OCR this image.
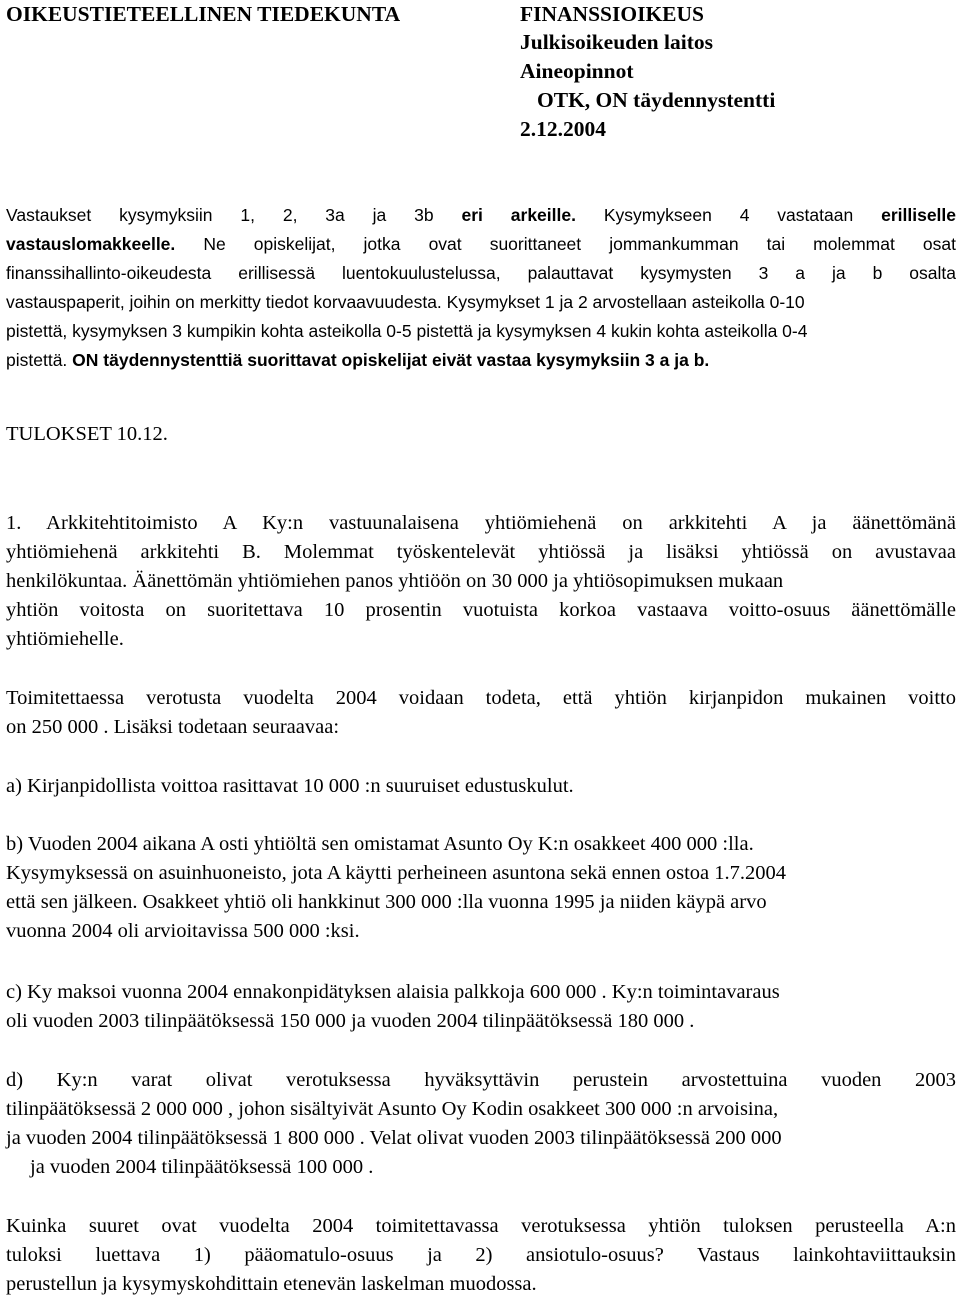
OIKEUSTIETEELLINEN TIEDEKUNTA	FINANSSIOIKEUS
Julkisoikeuden laitos
Aineopinnot
OTK, ON täydennystentti
2.12.2004
Vastaukset kysymyksiin 1, 2, 3a ja 3b eri arkeille. Kysymykseen 4 vastataan erilliselle
vastauslomakkeelle. Ne opiskelijat, jotka ovat suorittaneet jommankumman tai molemmat osat
finanssihallinto-oikeudesta erillisessä luentokuulustelussa, palauttavat kysymysten 3 a ja b osalta
vastauspaperit, joihin on merkitty tiedot korvaavuudesta. Kysymykset 1 ja 2 arvostellaan asteikolla 0-10
pistettä, kysymyksen 3 kumpikin kohta asteikolla 0-5 pistettä ja kysymyksen 4 kukin kohta asteikolla 0-4
pistettä. ON täydennystenttiä suorittavat opiskelijat eivät vastaa kysymyksiin 3 a ja b.
TULOKSET 10.12.
1. Arkkitehtitoimisto A Ky:n vastuunalaisena yhtiömiehenä on arkkitehti A ja äänettömänä
yhtiömiehenä arkkitehti B. Molemmat työskentelevät yhtiössä ja lisäksi yhtiössä on avustavaa
henkilökuntaa. Äänettömän yhtiömiehen panos yhtiöön on 30 000 ja yhtiösopimuksen mukaan
yhtiön voitosta on suoritettava 10 prosentin vuotuista korkoa vastaava voitto-osuus äänettömälle
yhtiömiehelle.
Toimitettaessa verotusta vuodelta 2004 voidaan todeta, että yhtiön kirjanpidon mukainen voitto
on 250 000 . Lisäksi todetaan seuraavaa:
a) Kirjanpidollista voittoa rasittavat 10 000 :n suuruiset edustuskulut.
b) Vuoden 2004 aikana A osti yhtiöltä sen omistamat Asunto Oy K:n osakkeet 400 000 :lla.
Kysymyksessä on asuinhuoneisto, jota A käytti perheineen asuntona sekä ennen ostoa 1.7.2004
että sen jälkeen. Osakkeet yhtiö oli hankkinut 300 000 :lla vuonna 1995 ja niiden käypä arvo
vuonna 2004 oli arvioitavissa 500 000 :ksi.
c) Ky maksoi vuonna 2004 ennakonpidätyksen alaisia palkkoja 600 000 . Ky:n toimintavaraus
oli vuoden 2003 tilinpäätöksessä 150 000 ja vuoden 2004 tilinpäätöksessä 180 000 .
d) Ky:n varat olivat verotuksessa hyväksyttävin perustein arvostettuina vuoden 2003
tilinpäätöksessä 2 000 000 , johon sisältyivät Asunto Oy Kodin osakkeet 300 000 :n arvoisina,
ja vuoden 2004 tilinpäätöksessä 1 800 000 . Velat olivat vuoden 2003 tilinpäätöksessä 200 000
ja vuoden 2004 tilinpäätöksessä 100 000 .
Kuinka suuret ovat vuodelta 2004 toimitettavassa verotuksessa yhtiön tuloksen perusteella A:n
tuloksi luettava 1) pääomatulo-osuus ja 2) ansiotulo-osuus? Vastaus lainkohtaviittauksin
perustellun ja kysymyskohdittain etenevän laskelman muodossa.
